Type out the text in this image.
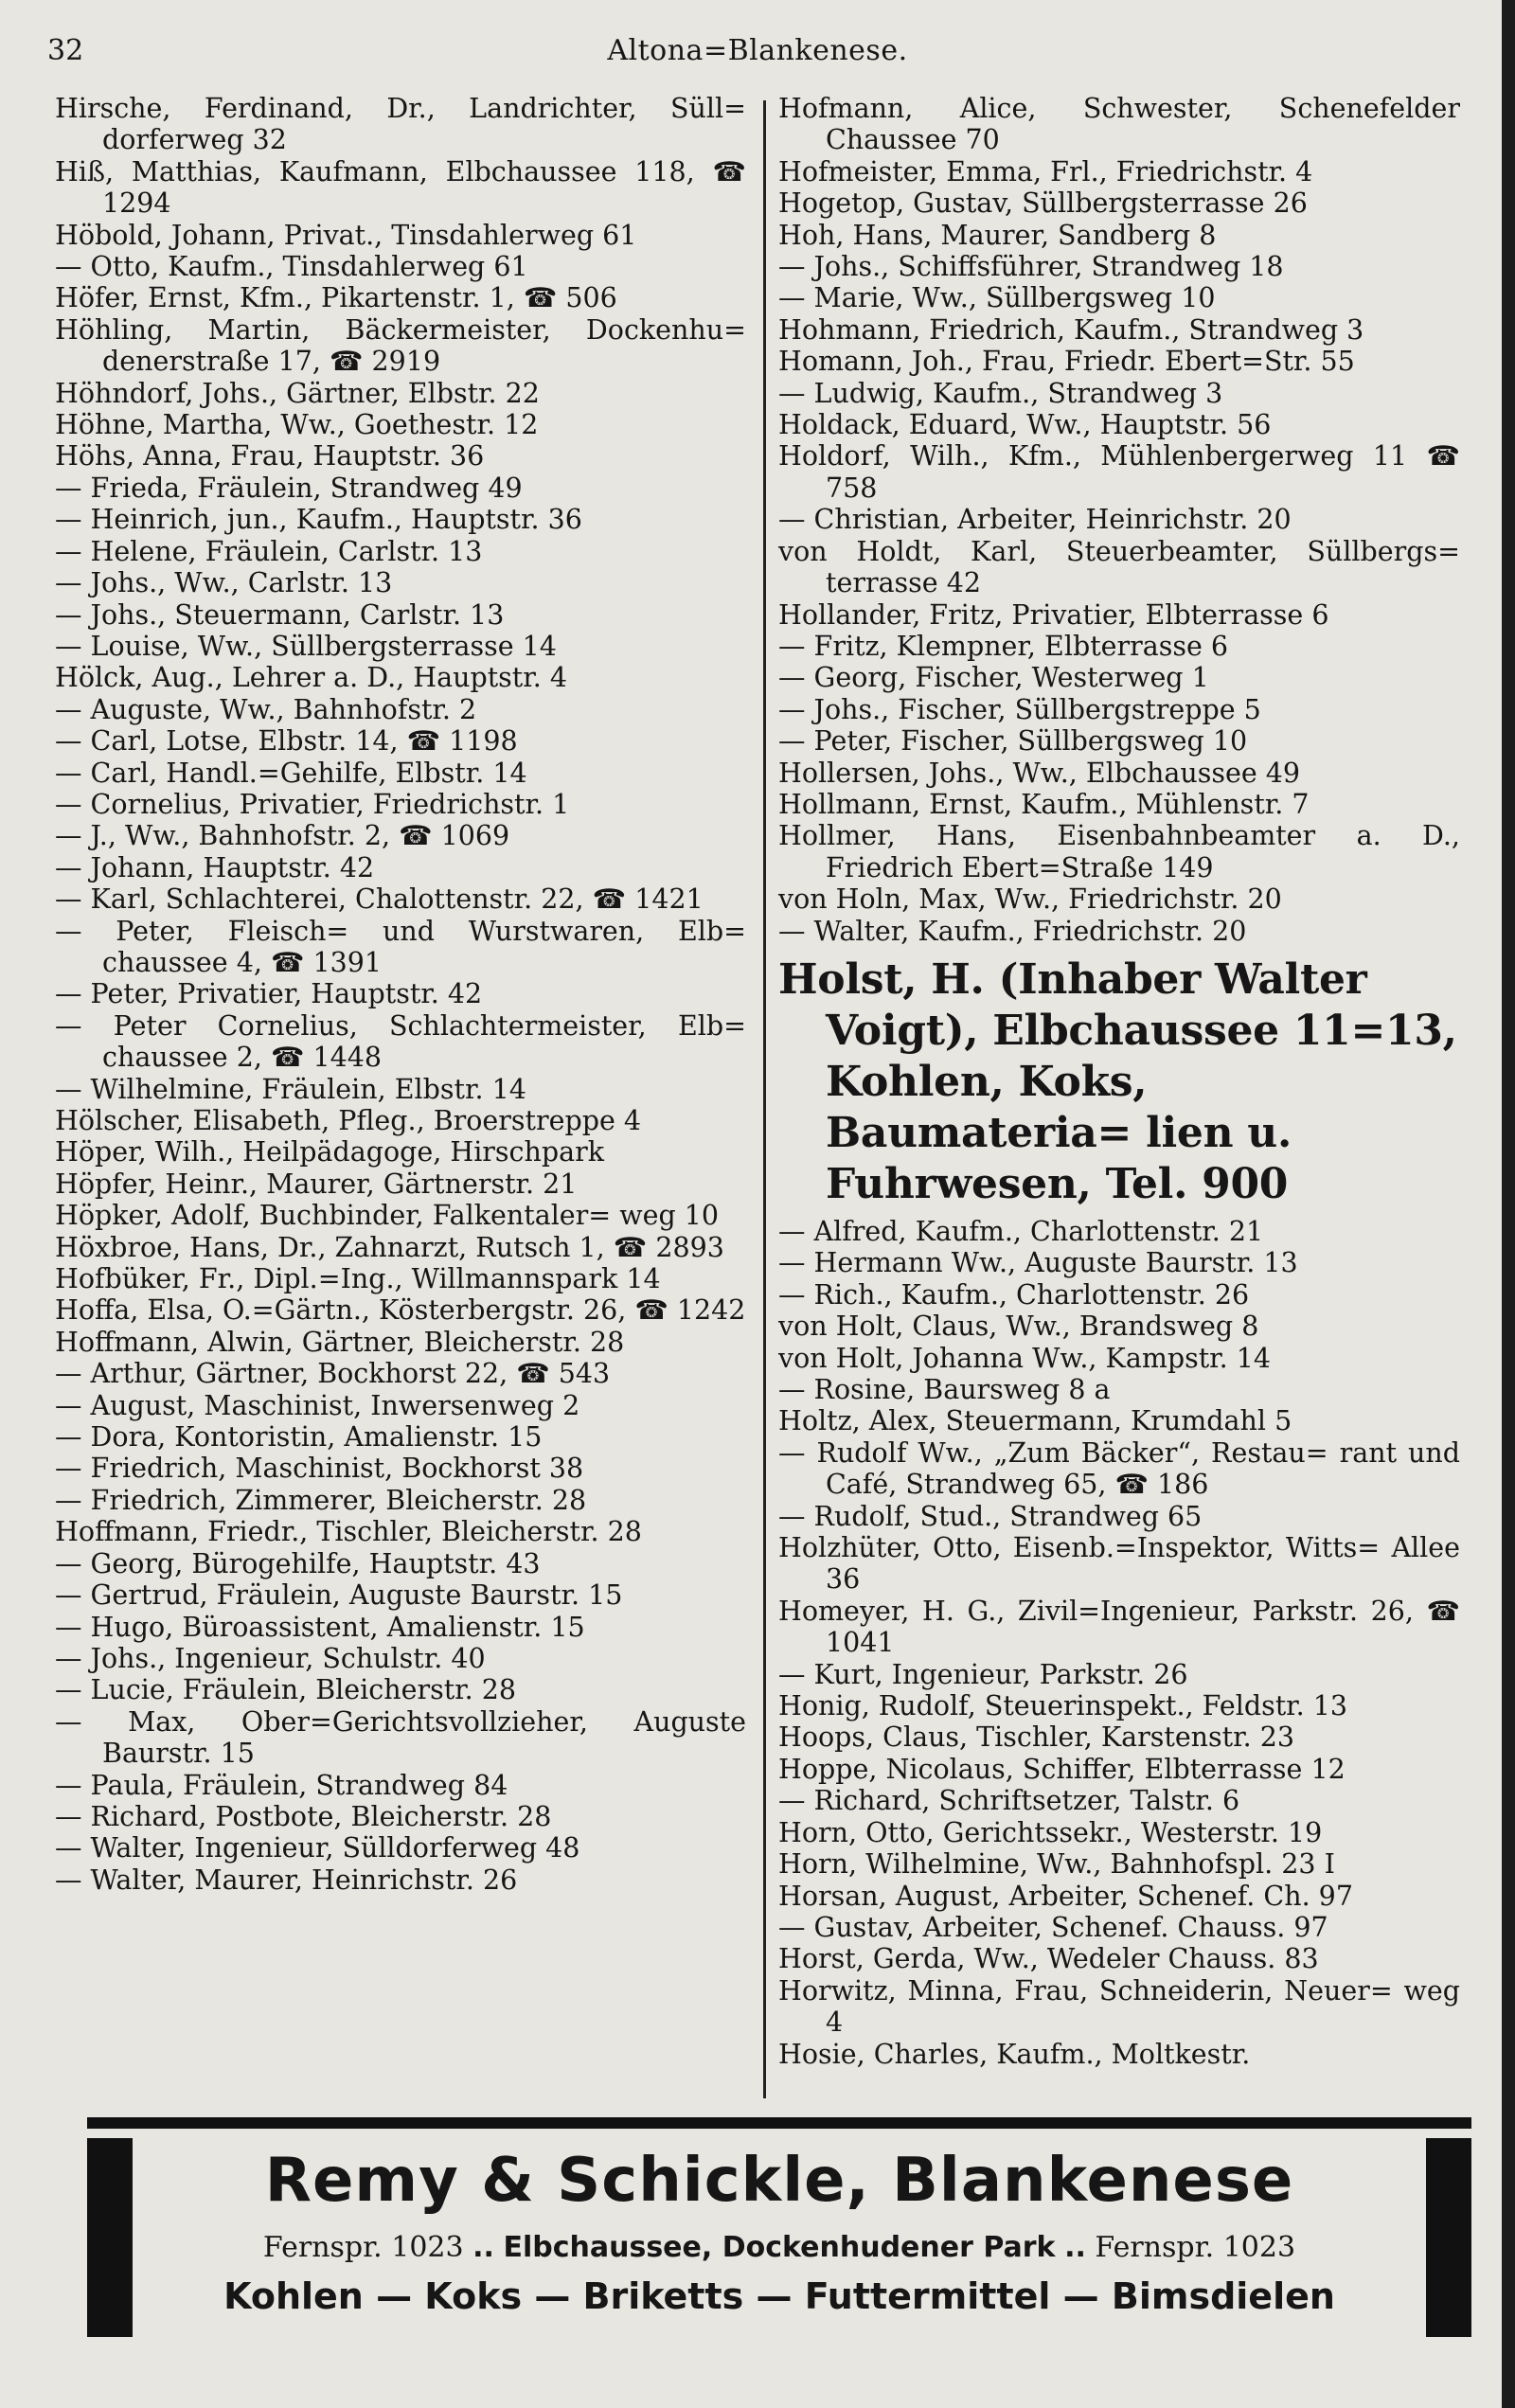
32	Altona=Blankenese.
Hirsche, Ferdinand, Dr., Landrichter, Süll= dorferweg 32
Hiß, Matthias, Kaufmann, Elbchaussee 118, ☎ 1294
Höbold, Johann, Privat., Tinsdahlerweg 61
— Otto, Kaufm., Tinsdahlerweg 61
Höfer, Ernst, Kfm., Pikartenstr. 1, ☎ 506
Höhling, Martin, Bäckermeister, Dockenhu= denerstraße 17, ☎ 2919
Höhndorf, Johs., Gärtner, Elbstr. 22
Höhne, Martha, Ww., Goethestr. 12
Höhs, Anna, Frau, Hauptstr. 36
— Frieda, Fräulein, Strandweg 49
— Heinrich, jun., Kaufm., Hauptstr. 36
— Helene, Fräulein, Carlstr. 13
— Johs., Ww., Carlstr. 13
— Johs., Steuermann, Carlstr. 13
— Louise, Ww., Süllbergsterrasse 14
Hölck, Aug., Lehrer a. D., Hauptstr. 4
— Auguste, Ww., Bahnhofstr. 2
— Carl, Lotse, Elbstr. 14, ☎ 1198
— Carl, Handl.=Gehilfe, Elbstr. 14
— Cornelius, Privatier, Friedrichstr. 1
— J., Ww., Bahnhofstr. 2, ☎ 1069
— Johann, Hauptstr. 42
— Karl, Schlachterei, Chalottenstr. 22, ☎ 1421
— Peter, Fleisch= und Wurstwaren, Elb= chaussee 4, ☎ 1391
— Peter, Privatier, Hauptstr. 42
— Peter Cornelius, Schlachtermeister, Elb= chaussee 2, ☎ 1448
— Wilhelmine, Fräulein, Elbstr. 14
Hölscher, Elisabeth, Pfleg., Broerstreppe 4
Höper, Wilh., Heilpädagoge, Hirschpark
Höpfer, Heinr., Maurer, Gärtnerstr. 21
Höpker, Adolf, Buchbinder, Falkentaler= weg 10
Höxbroe, Hans, Dr., Zahnarzt, Rutsch 1, ☎ 2893
Hofbüker, Fr., Dipl.=Ing., Willmannspark 14
Hoffa, Elsa, O.=Gärtn., Kösterbergstr. 26, ☎ 1242
Hoffmann, Alwin, Gärtner, Bleicherstr. 28
— Arthur, Gärtner, Bockhorst 22, ☎ 543
— August, Maschinist, Inwersenweg 2
— Dora, Kontoristin, Amalienstr. 15
— Friedrich, Maschinist, Bockhorst 38
— Friedrich, Zimmerer, Bleicherstr. 28
Hoffmann, Friedr., Tischler, Bleicherstr. 28
— Georg, Bürogehilfe, Hauptstr. 43
— Gertrud, Fräulein, Auguste Baurstr. 15
— Hugo, Büroassistent, Amalienstr. 15
— Johs., Ingenieur, Schulstr. 40
— Lucie, Fräulein, Bleicherstr. 28
— Max, Ober=Gerichtsvollzieher, Auguste Baurstr. 15
— Paula, Fräulein, Strandweg 84
— Richard, Postbote, Bleicherstr. 28
— Walter, Ingenieur, Sülldorferweg 48
— Walter, Maurer, Heinrichstr. 26
Hofmann, Alice, Schwester, Schenefelder Chaussee 70
Hofmeister, Emma, Frl., Friedrichstr. 4
Hogetop, Gustav, Süllbergsterrasse 26
Hoh, Hans, Maurer, Sandberg 8
— Johs., Schiffsführer, Strandweg 18
— Marie, Ww., Süllbergsweg 10
Hohmann, Friedrich, Kaufm., Strandweg 3
Homann, Joh., Frau, Friedr. Ebert=Str. 55
— Ludwig, Kaufm., Strandweg 3
Holdack, Eduard, Ww., Hauptstr. 56
Holdorf, Wilh., Kfm., Mühlenbergerweg 11 ☎ 758
— Christian, Arbeiter, Heinrichstr. 20
von Holdt, Karl, Steuerbeamter, Süllbergs= terrasse 42
Hollander, Fritz, Privatier, Elbterrasse 6
— Fritz, Klempner, Elbterrasse 6
— Georg, Fischer, Westerweg 1
— Johs., Fischer, Süllbergstreppe 5
— Peter, Fischer, Süllbergsweg 10
Hollersen, Johs., Ww., Elbchaussee 49
Hollmann, Ernst, Kaufm., Mühlenstr. 7
Hollmer, Hans, Eisenbahnbeamter a. D., Friedrich Ebert=Straße 149
von Holn, Max, Ww., Friedrichstr. 20
— Walter, Kaufm., Friedrichstr. 20
Holst, H. (Inhaber Walter Voigt), Elbchaussee 11=13, Kohlen, Koks, Baumateria= lien u. Fuhrwesen, Tel. 900
— Alfred, Kaufm., Charlottenstr. 21
— Hermann Ww., Auguste Baurstr. 13
— Rich., Kaufm., Charlottenstr. 26
von Holt, Claus, Ww., Brandsweg 8
von Holt, Johanna Ww., Kampstr. 14
— Rosine, Baursweg 8 a
Holtz, Alex, Steuermann, Krumdahl 5
— Rudolf Ww., „Zum Bäcker“, Restau= rant und Café, Strandweg 65, ☎ 186
— Rudolf, Stud., Strandweg 65
Holzhüter, Otto, Eisenb.=Inspektor, Witts= Allee 36
Homeyer, H. G., Zivil=Ingenieur, Parkstr. 26, ☎ 1041
— Kurt, Ingenieur, Parkstr. 26
Honig, Rudolf, Steuerinspekt., Feldstr. 13
Hoops, Claus, Tischler, Karstenstr. 23
Hoppe, Nicolaus, Schiffer, Elbterrasse 12
— Richard, Schriftsetzer, Talstr. 6
Horn, Otto, Gerichtssekr., Westerstr. 19
Horn, Wilhelmine, Ww., Bahnhofspl. 23 I
Horsan, August, Arbeiter, Schenef. Ch. 97
— Gustav, Arbeiter, Schenef. Chauss. 97
Horst, Gerda, Ww., Wedeler Chauss. 83
Horwitz, Minna, Frau, Schneiderin, Neuer= weg 4
Hosie, Charles, Kaufm., Moltkestr.
Remy & Schickle, Blankenese
Fernspr. 1023 .. Elbchaussee, Dockenhudener Park .. Fernspr. 1023
Kohlen — Koks — Briketts — Futtermittel — Bimsdielen
